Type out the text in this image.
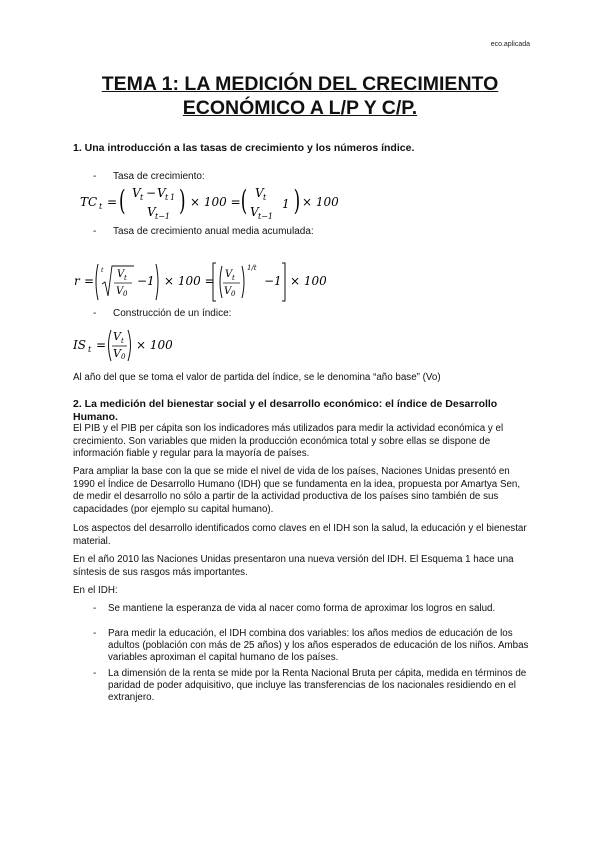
eco.aplicada
TEMA 1: LA MEDICIÓN DEL CRECIMIENTO
ECONÓMICO A L/P Y C/P.
1. Una introducción a las tasas de crecimiento y los números índice.
- Tasa de crecimiento:
TC t = ( V t − V t 1
V t−1 ) × 100 = ( V t
V t−1
1 ) × 100
- Tasa de crecimiento anual media acumulada:
r =
t V t
V 0
− 1 × 100 = V t
V 0
1/t
− 1 × 100
- Construcción de un índice:
IS t =
V t
V 0
× 100
Al año del que se toma el valor de partida del índice, se le denomina “año base” (Vo)
2. La medición del bienestar social y el desarrollo económico: el índice de Desarrollo Humano.
El PIB y el PIB per cápita son los indicadores más utilizados para medir la actividad económica y el crecimiento. Son variables que miden la producción económica total y sobre ellas se dispone de información fiable y regular para la mayoría de países.
Para ampliar la base con la que se mide el nivel de vida de los países, Naciones Unidas presentó en 1990 el Índice de Desarrollo Humano (IDH) que se fundamenta en la idea, propuesta por Amartya Sen, de medir el desarrollo no sólo a partir de la actividad productiva de los países sino también de sus capacidades (por ejemplo su capital humano).
Los aspectos del desarrollo identificados como claves en el IDH son la salud, la educación y el bienestar material.
En el año 2010 las Naciones Unidas presentaron una nueva versión del IDH. El Esquema 1 hace una síntesis de sus rasgos más importantes.
En el IDH:
- Se mantiene la esperanza de vida al nacer como forma de aproximar los logros en salud.
- Para medir la educación, el IDH combina dos variables: los años medios de educación de los adultos (población con más de 25 años) y los años esperados de educación de los niños. Ambas variables aproximan el capital humano de los países.
- La dimensión de la renta se mide por la Renta Nacional Bruta per cápita, medida en términos de paridad de poder adquisitivo, que incluye las transferencias de los nacionales residiendo en el extranjero.
